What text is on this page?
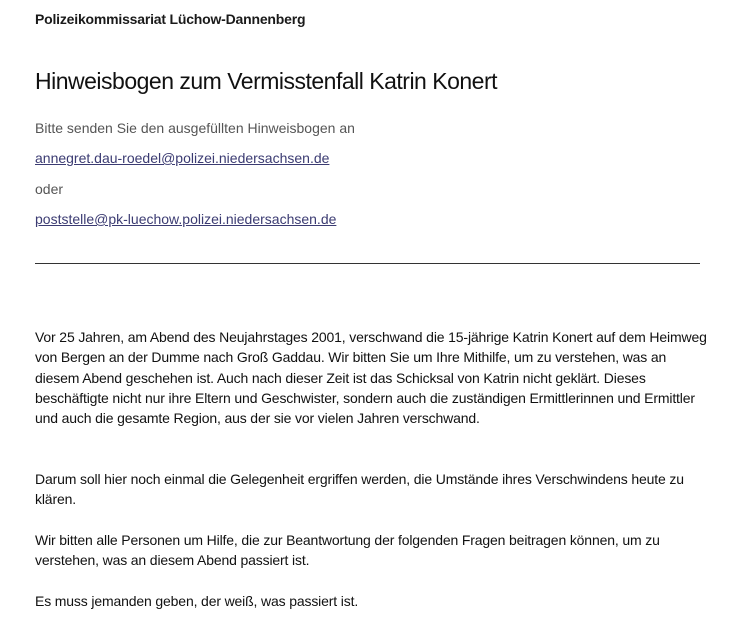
Polizeikommissariat Lüchow-Dannenberg
Hinweisbogen zum Vermisstenfall Katrin Konert
Bitte senden Sie den ausgefüllten Hinweisbogen an
annegret.dau-roedel@polizei.niedersachsen.de
oder
poststelle@pk-luechow.polizei.niedersachsen.de

Vor 25 Jahren, am Abend des Neujahrstages 2001, verschwand die 15-jährige Katrin Konert auf dem Heimweg von Bergen an der Dumme nach Groß Gaddau. Wir bitten Sie um Ihre Mithilfe, um zu verstehen, was an diesem Abend geschehen ist. Auch nach dieser Zeit ist das Schicksal von Katrin nicht geklärt. Dieses beschäftigte nicht nur ihre Eltern und Geschwister, sondern auch die zuständigen Ermittlerinnen und Ermittler und auch die gesamte Region, aus der sie vor vielen Jahren verschwand.

Darum soll hier noch einmal die Gelegenheit ergriffen werden, die Umstände ihres Verschwindens heute zu klären.

Wir bitten alle Personen um Hilfe, die zur Beantwortung der folgenden Fragen beitragen können, um zu verstehen, was an diesem Abend passiert ist.

Es muss jemanden geben, der weiß, was passiert ist.
